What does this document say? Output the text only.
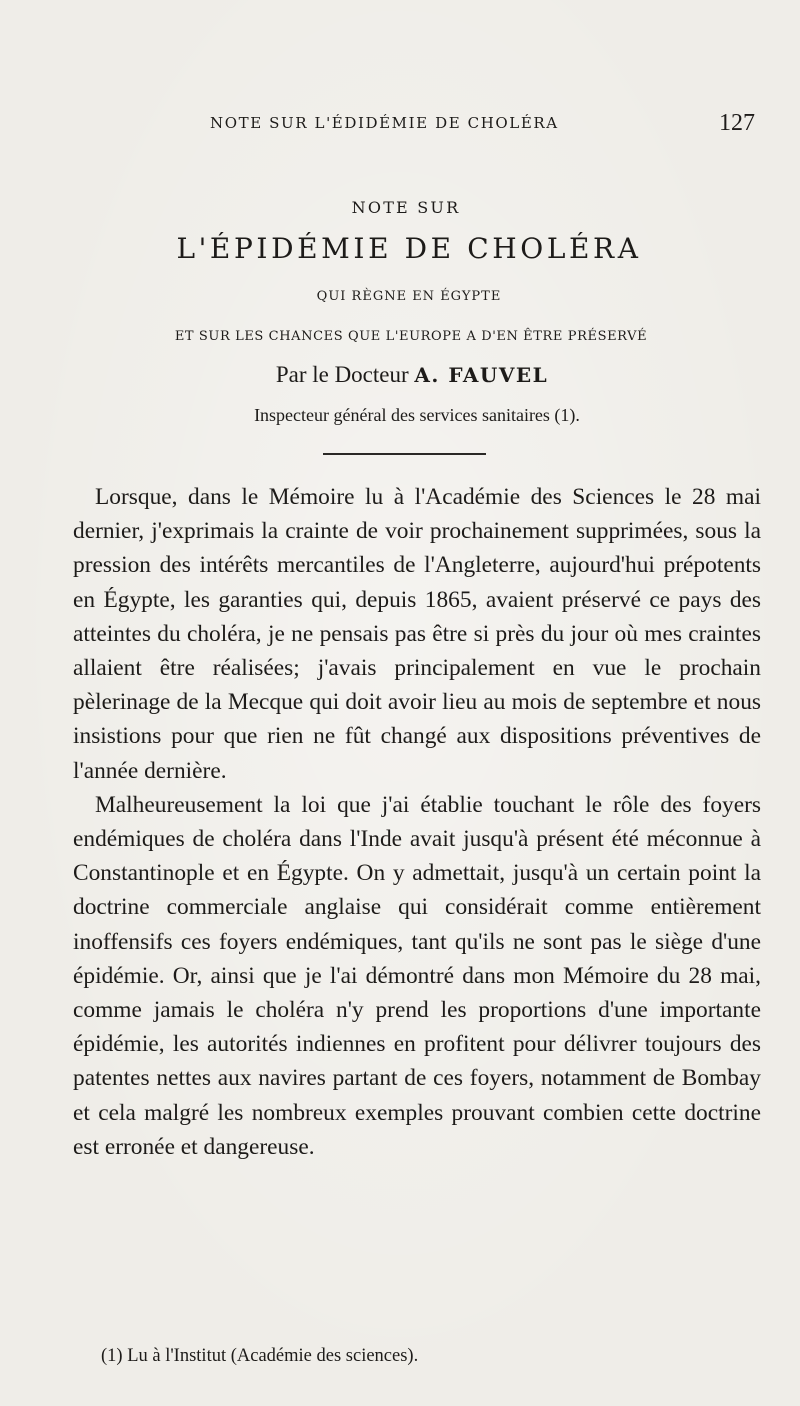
NOTE SUR L'ÉDIDÉMIE DE CHOLÉRA	127
NOTE SUR
L'ÉPIDÉMIE DE CHOLÉRA
QUI RÈGNE EN ÉGYPTE
ET SUR LES CHANCES QUE L'EUROPE A D'EN ÊTRE PRÉSERVÉ
Par le Docteur A. FAUVEL
Inspecteur général des services sanitaires (1).

Lorsque, dans le Mémoire lu à l'Académie des Sciences le 28 mai dernier, j'exprimais la crainte de voir prochainement supprimées, sous la pression des intérêts mercantiles de l'Angleterre, aujourd'hui prépotents en Égypte, les garanties qui, depuis 1865, avaient préservé ce pays des atteintes du choléra, je ne pensais pas être si près du jour où mes craintes allaient être réalisées; j'avais principalement en vue le prochain pèlerinage de la Mecque qui doit avoir lieu au mois de septembre et nous insistions pour que rien ne fût changé aux dispositions préventives de l'année dernière.

Malheureusement la loi que j'ai établie touchant le rôle des foyers endémiques de choléra dans l'Inde avait jusqu'à présent été méconnue à Constantinople et en Égypte. On y admettait, jusqu'à un certain point la doctrine commerciale anglaise qui considérait comme entièrement inoffensifs ces foyers endémiques, tant qu'ils ne sont pas le siège d'une épidémie. Or, ainsi que je l'ai démontré dans mon Mémoire du 28 mai, comme jamais le choléra n'y prend les proportions d'une importante épidémie, les autorités indiennes en profitent pour délivrer toujours des patentes nettes aux navires partant de ces foyers, notamment de Bombay et cela malgré les nombreux exemples prouvant combien cette doctrine est erronée et dangereuse.

(1) Lu à l'Institut (Académie des sciences).
